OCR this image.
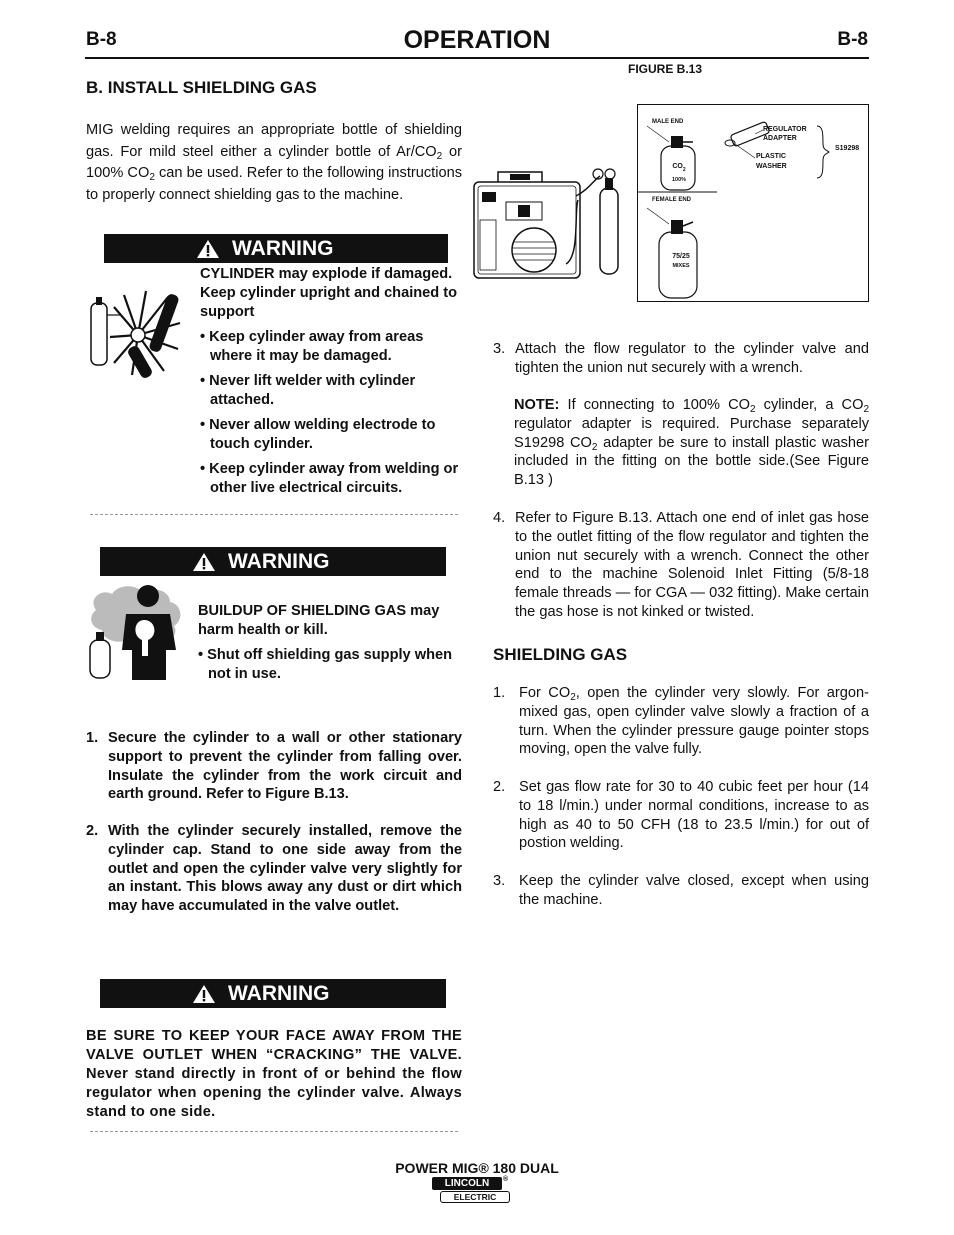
B-8	OPERATION	B-8
B. INSTALL SHIELDING GAS
MIG welding requires an appropriate bottle of shielding gas. For mild steel either a cylinder bottle of $Ar/CO_2$ or 100% $CO_2$ can be used. Refer to the following instructions to properly connect shielding gas to the machine.
WARNING

CYLINDER may explode if damaged. Keep cylinder upright and chained to support

• Keep cylinder away from areas where it may be damaged.

• Never lift welder with cylinder attached.

• Never allow welding electrode to touch cylinder.

• Keep cylinder away from welding or other live electrical circuits.

WARNING

BUILDUP OF SHIELDING GAS may harm health or kill.

• Shut off shielding gas supply when not in use.

1. Secure the cylinder to a wall or other stationary support to prevent the cylinder from falling over. Insulate the cylinder from the work circuit and earth ground. Refer to Figure B.13.
2. With the cylinder securely installed, remove the cylinder cap. Stand to one side away from the outlet and open the cylinder valve very slightly for an instant. This blows away any dust or dirt which may have accumulated in the valve outlet.
WARNING
BE SURE TO KEEP YOUR FACE AWAY FROM THE VALVE OUTLET WHEN “CRACKING” THE VALVE. Never stand directly in front of or behind the flow regulator when opening the cylinder valve. Always stand to one side.
FIGURE B.13
MALE END
FEMALE END
REGULATOR
ADAPTER
PLASTIC
WASHER
S19298
$CO_2$
100%
75/25
MIXES
3. Attach the flow regulator to the cylinder valve and tighten the union nut securely with a wrench.
NOTE: If connecting to 100% $CO_2$ cylinder, a $CO_2$ regulator adapter is required. Purchase separately S19298 $CO_2$ adapter be sure to install plastic washer included in the fitting on the bottle side.(See Figure B.13 )
4. Refer to Figure B.13. Attach one end of inlet gas hose to the outlet fitting of the flow regulator and tighten the union nut securely with a wrench. Connect the other end to the machine Solenoid Inlet Fitting (5/8-18 female threads — for CGA — 032 fitting). Make certain the gas hose is not kinked or twisted.
SHIELDING GAS
1. For $CO_2$, open the cylinder very slowly. For argon-mixed gas, open cylinder valve slowly a fraction of a turn. When the cylinder pressure gauge pointer stops moving, open the valve fully.
2. Set gas flow rate for 30 to 40 cubic feet per hour (14 to 18 l/min.) under normal conditions, increase to as high as 40 to 50 CFH (18 to 23.5 l/min.) for out of postion welding.
3. Keep the cylinder valve closed, except when using the machine.
POWER MIG® 180 DUAL
LINCOLN	®
ELECTRIC
